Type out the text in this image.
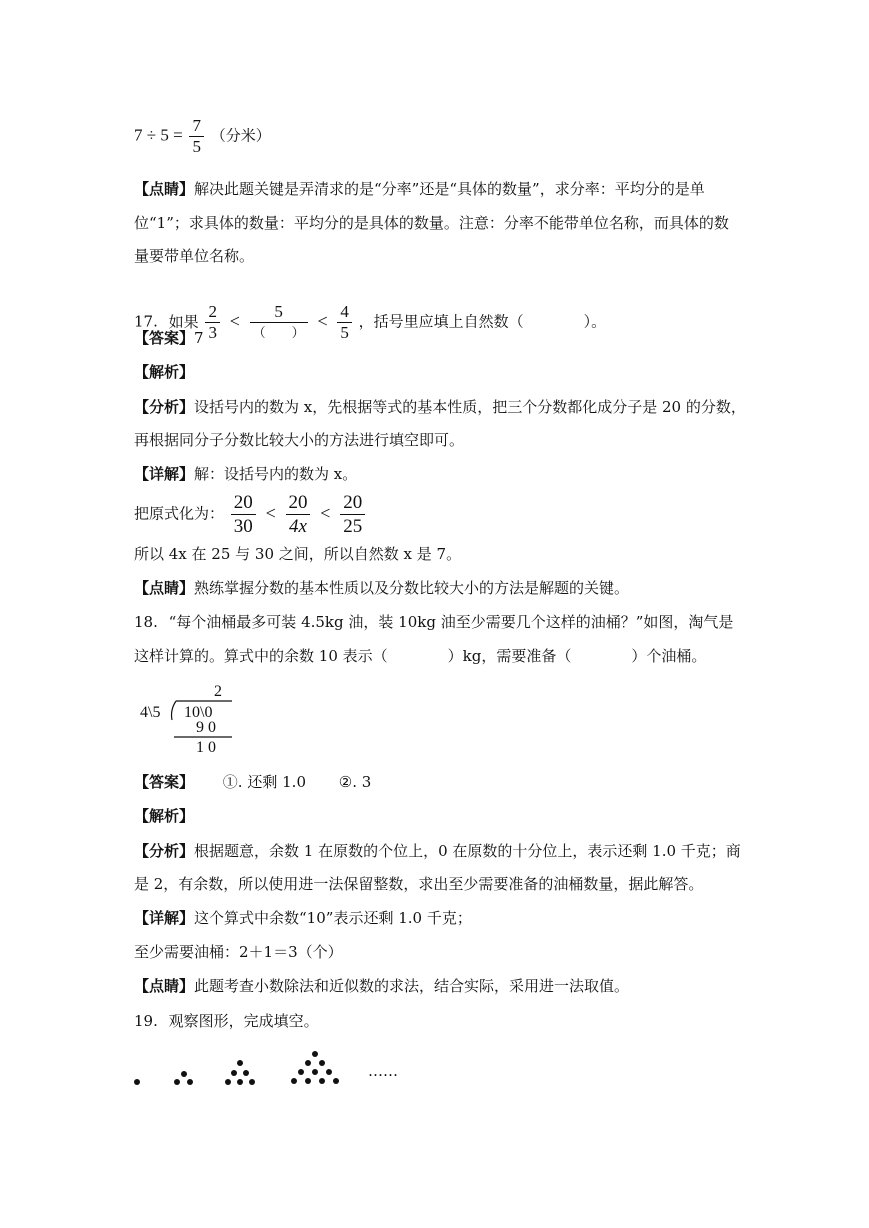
$7 \div 5 = \frac{7}{5}$ （分米）
【点睛】解决此题关键是弄清求的是“分率”还是“具体的数量”，求分率：平均分的是单
位“1”；求具体的数量：平均分的是具体的数量。注意：分率不能带单位名称，而具体的数
量要带单位名称。
17. 如果 $\frac{2}{3} < \frac{5}{( )} < \frac{4}{5}$ ，括号里应填上自然数（　　　　）。
【答案】7
【解析】
【分析】设括号内的数为 x，先根据等式的基本性质，把三个分数都化成分子是 20 的分数，
再根据同分子分数比较大小的方法进行填空即可。
【详解】解：设括号内的数为 x。
把原式化为： $\frac{20}{30} < \frac{20}{4x} < \frac{20}{25}$
所以 4x 在 25 与 30 之间，所以自然数 x 是 7。
【点睛】熟练掌握分数的基本性质以及分数比较大小的方法是解题的关键。
18. “每个油桶最多可装 4.5kg 油，装 10kg 油至少需要几个这样的油桶？”如图，淘气是
这样计算的。算式中的余数 10 表示（　　　　）kg，需要准备（　　　　）个油桶。
2
4\5 10\0
9 0
1 0
【答案】 ①. 还剩 1.0 ②. 3
【解析】
【分析】根据题意，余数 1 在原数的个位上，0 在原数的十分位上，表示还剩 1.0 千克；商
是 2，有余数，所以使用进一法保留整数，求出至少需要准备的油桶数量，据此解答。
【详解】这个算式中余数“10”表示还剩 1.0 千克；
至少需要油桶：2＋1＝3（个）
【点睛】此题考查小数除法和近似数的求法，结合实际，采用进一法取值。
19. 观察图形，完成填空。
……
